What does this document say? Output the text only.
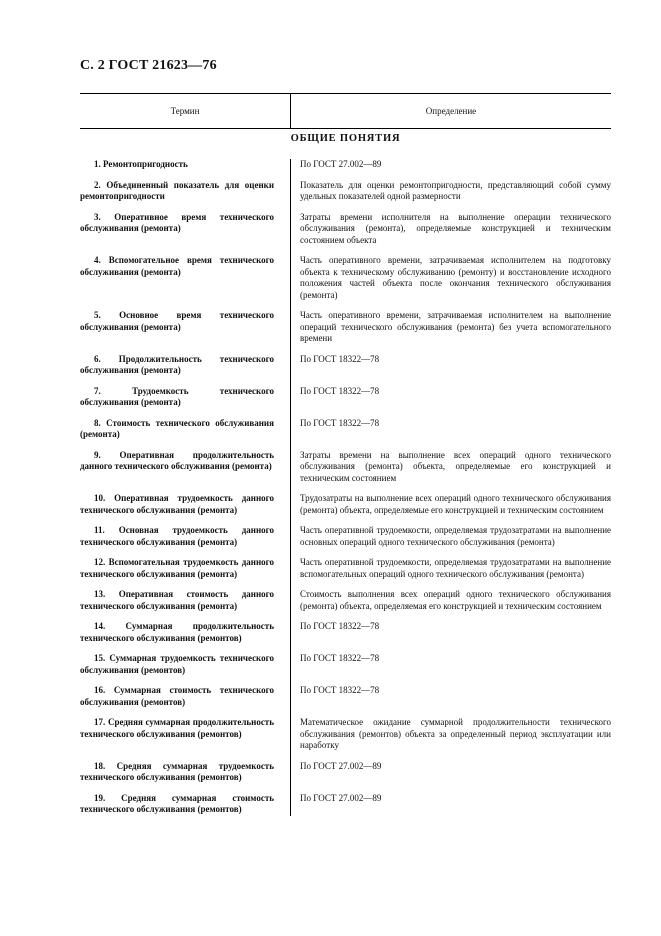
С. 2 ГОСТ 21623—76
Термин	Определение
ОБЩИЕ ПОНЯТИЯ
1. Ремонтопригодность	По ГОСТ 27.002—89
2. Объединенный показатель для оценки ремонтопригодности
Показатель для оценки ремонтопригодности, представляющий собой сумму удельных показателей одной размерности
3. Оперативное время технического обслуживания (ремонта)
Затраты времени исполнителя на выполнение операции технического обслуживания (ремонта), определяемые конструкцией и техническим состоянием объекта
4. Вспомогательное время технического обслуживания (ремонта)
Часть оперативного времени, затрачиваемая исполнителем на подготовку объекта к техническому обслуживанию (ремонту) и восстановление исходного положения частей объекта после окончания технического обслуживания (ремонта)
5. Основное время технического обслуживания (ремонта)
Часть оперативного времени, затрачиваемая исполнителем на выполнение операций технического обслуживания (ремонта) без учета вспомогательного времени
6. Продолжительность технического обслуживания (ремонта)
По ГОСТ 18322—78
7. Трудоемкость технического обслуживания (ремонта)
По ГОСТ 18322—78
8. Стоимость технического обслуживания (ремонта)
По ГОСТ 18322—78
9. Оперативная продолжительность данного технического обслуживания (ремонта)
Затраты времени на выполнение всех операций одного технического обслуживания (ремонта) объекта, определяемые его конструкцией и техническим состоянием
10. Оперативная трудоемкость данного технического обслуживания (ремонта)
Трудозатраты на выполнение всех операций одного технического обслуживания (ремонта) объекта, определяемые его конструкцией и техническим состоянием
11. Основная трудоемкость данного технического обслуживания (ремонта)
Часть оперативной трудоемкости, определяемая трудозатратами на выполнение основных операций одного технического обслуживания (ремонта)
12. Вспомогательная трудоемкость данного технического обслуживания (ремонта)
Часть оперативной трудоемкости, определяемая трудозатратами на выполнение вспомогательных операций одного технического обслуживания (ремонта)
13. Оперативная стоимость данного технического обслуживания (ремонта)
Стоимость выполнения всех операций одного технического обслуживания (ремонта) объекта, определяемая его конструкцией и техническим состоянием
14. Суммарная продолжительность технического обслуживания (ремонтов)
По ГОСТ 18322—78
15. Суммарная трудоемкость технического обслуживания (ремонтов)
По ГОСТ 18322—78
16. Суммарная стоимость технического обслуживания (ремонтов)
По ГОСТ 18322—78
17. Средняя суммарная продолжительность технического обслуживания (ремонтов)
Математическое ожидание суммарной продолжительности технического обслуживания (ремонтов) объекта за определенный период эксплуатации или наработку
18. Средняя суммарная трудоемкость технического обслуживания (ремонтов)
По ГОСТ 27.002—89
19. Средняя суммарная стоимость технического обслуживания (ремонтов)
По ГОСТ 27.002—89
